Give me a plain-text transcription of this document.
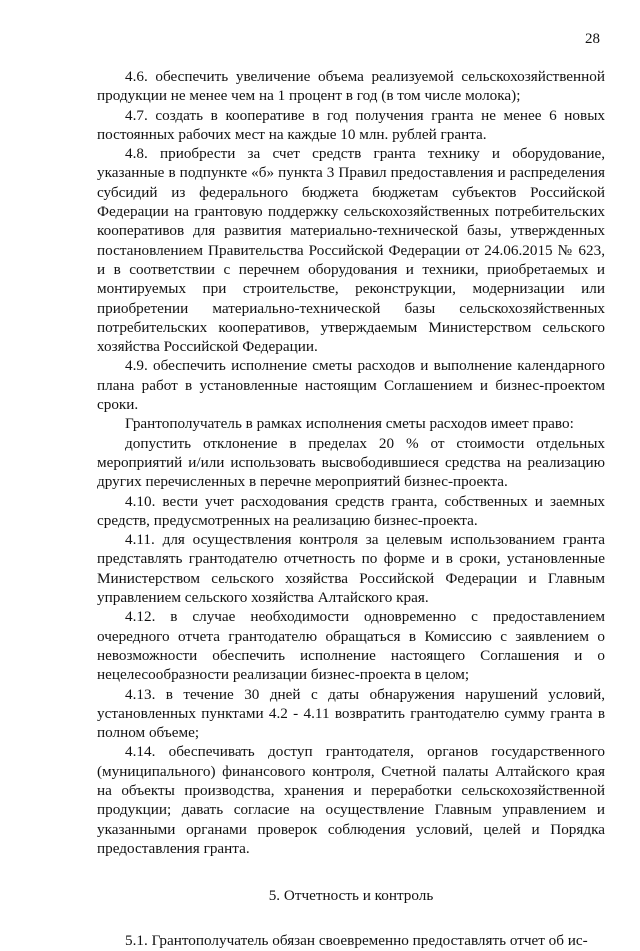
28

4.6. обеспечить увеличение объема реализуемой сельскохозяйственной продукции не менее чем на 1 процент в год (в том числе молока);

4.7. создать в кооперативе в год получения гранта не менее 6 новых постоянных рабочих мест на каждые 10 млн. рублей гранта.

4.8. приобрести за счет средств гранта технику и оборудование, указанные в подпункте «б» пункта 3 Правил предоставления и распределения субсидий из федерального бюджета бюджетам субъектов Российской Федерации на грантовую поддержку сельскохозяйственных потребительских кооперативов для развития материально-технической базы, утвержденных постановлением Правительства Российской Федерации от 24.06.2015 № 623, и в соответствии с перечнем оборудования и техники, приобретаемых и монтируемых при строительстве, реконструкции, модернизации или приобретении материально-технической базы сельскохозяйственных потребительских кооперативов, утверждаемым Министерством сельского хозяйства Российской Федерации.

4.9. обеспечить исполнение сметы расходов и выполнение календарного плана работ в установленные настоящим Соглашением и бизнес-проектом сроки.

Грантополучатель в рамках исполнения сметы расходов имеет право:

допустить отклонение в пределах 20 % от стоимости отдельных мероприятий и/или использовать высвободившиеся средства на реализацию других перечисленных в перечне мероприятий бизнес-проекта.

4.10. вести учет расходования средств гранта, собственных и заемных средств, предусмотренных на реализацию бизнес-проекта.

4.11. для осуществления контроля за целевым использованием гранта представлять грантодателю отчетность по форме и в сроки, установленные Министерством сельского хозяйства Российской Федерации и Главным управлением сельского хозяйства Алтайского края.

4.12. в случае необходимости одновременно с предоставлением очередного отчета грантодателю обращаться в Комиссию с заявлением о невозможности обеспечить исполнение настоящего Соглашения и о нецелесообразности реализации бизнес-проекта в целом;

4.13. в течение 30 дней с даты обнаружения нарушений условий, установленных пунктами 4.2 - 4.11 возвратить грантодателю сумму гранта в полном объеме;

4.14. обеспечивать доступ грантодателя, органов государственного (муниципального) финансового контроля, Счетной палаты Алтайского края на объекты производства, хранения и переработки сельскохозяйственной продукции; давать согласие на осуществление Главным управлением и указанными органами проверок соблюдения условий, целей и Порядка предоставления гранта.

5. Отчетность и контроль

5.1. Грантополучатель обязан своевременно предоставлять отчет об ис-
